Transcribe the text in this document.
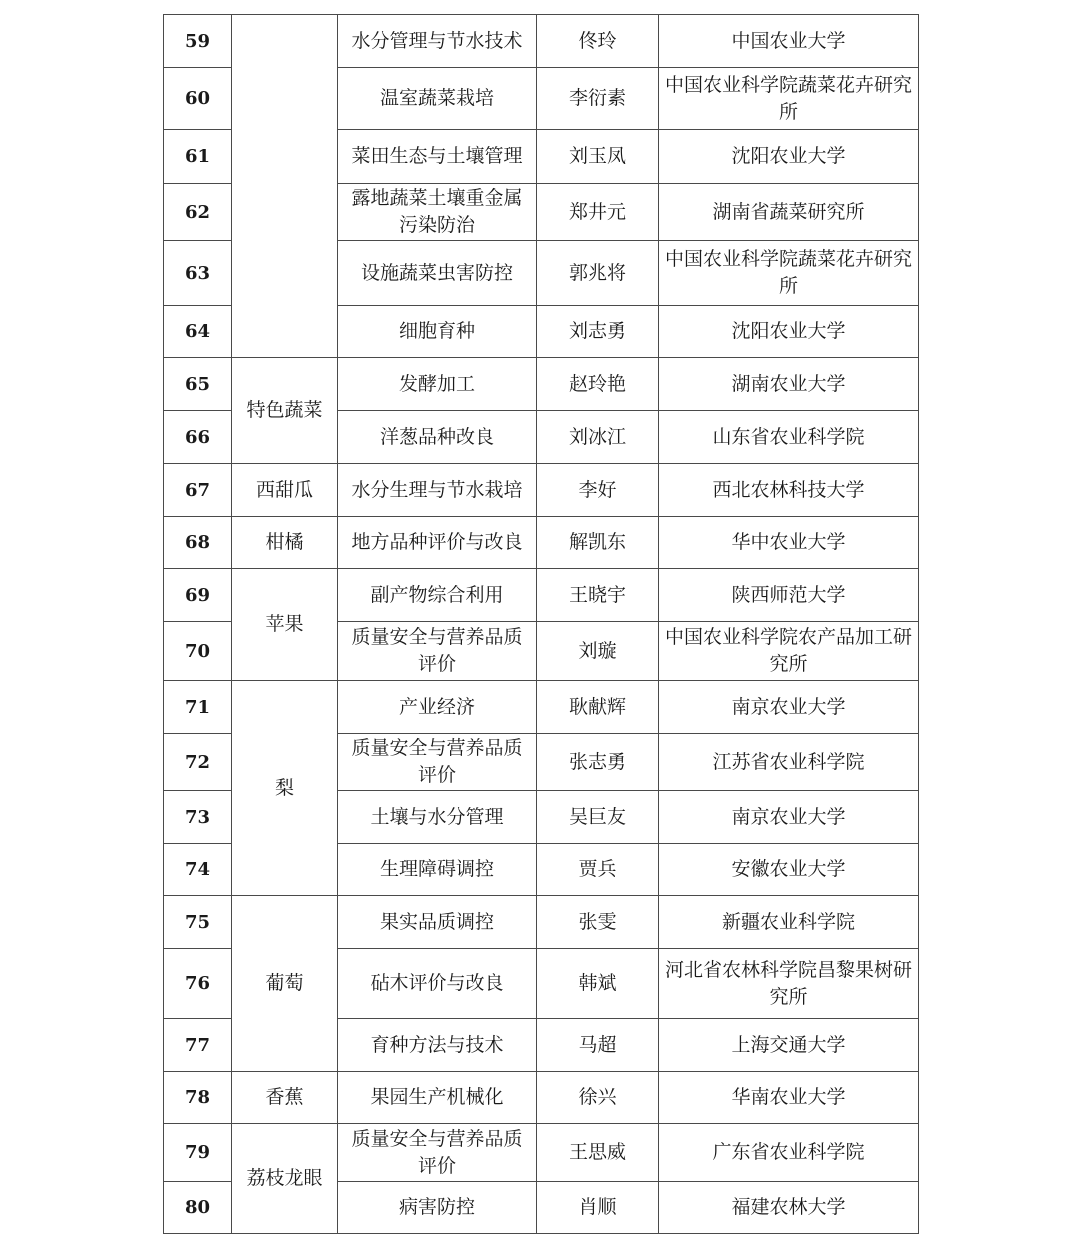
59		水分管理与节水技术	佟玲	中国农业大学
60		温室蔬菜栽培	李衍素	中国农业科学院蔬菜花卉研究所
61		菜田生态与土壤管理	刘玉凤	沈阳农业大学
62		露地蔬菜土壤重金属污染防治	郑井元	湖南省蔬菜研究所
63		设施蔬菜虫害防控	郭兆将	中国农业科学院蔬菜花卉研究所
64		细胞育种	刘志勇	沈阳农业大学
65	特色蔬菜	发酵加工	赵玲艳	湖南农业大学
66		洋葱品种改良	刘冰江	山东省农业科学院
67	西甜瓜	水分生理与节水栽培	李好	西北农林科技大学
68	柑橘	地方品种评价与改良	解凯东	华中农业大学
69	苹果	副产物综合利用	王晓宇	陕西师范大学
70		质量安全与营养品质评价	刘璇	中国农业科学院农产品加工研究所
71	梨	产业经济	耿献辉	南京农业大学
72		质量安全与营养品质评价	张志勇	江苏省农业科学院
73		土壤与水分管理	吴巨友	南京农业大学
74		生理障碍调控	贾兵	安徽农业大学
75	葡萄	果实品质调控	张雯	新疆农业科学院
76		砧木评价与改良	韩斌	河北省农林科学院昌黎果树研究所
77		育种方法与技术	马超	上海交通大学
78	香蕉	果园生产机械化	徐兴	华南农业大学
79	荔枝龙眼	质量安全与营养品质评价	王思威	广东省农业科学院
80		病害防控	肖顺	福建农林大学
